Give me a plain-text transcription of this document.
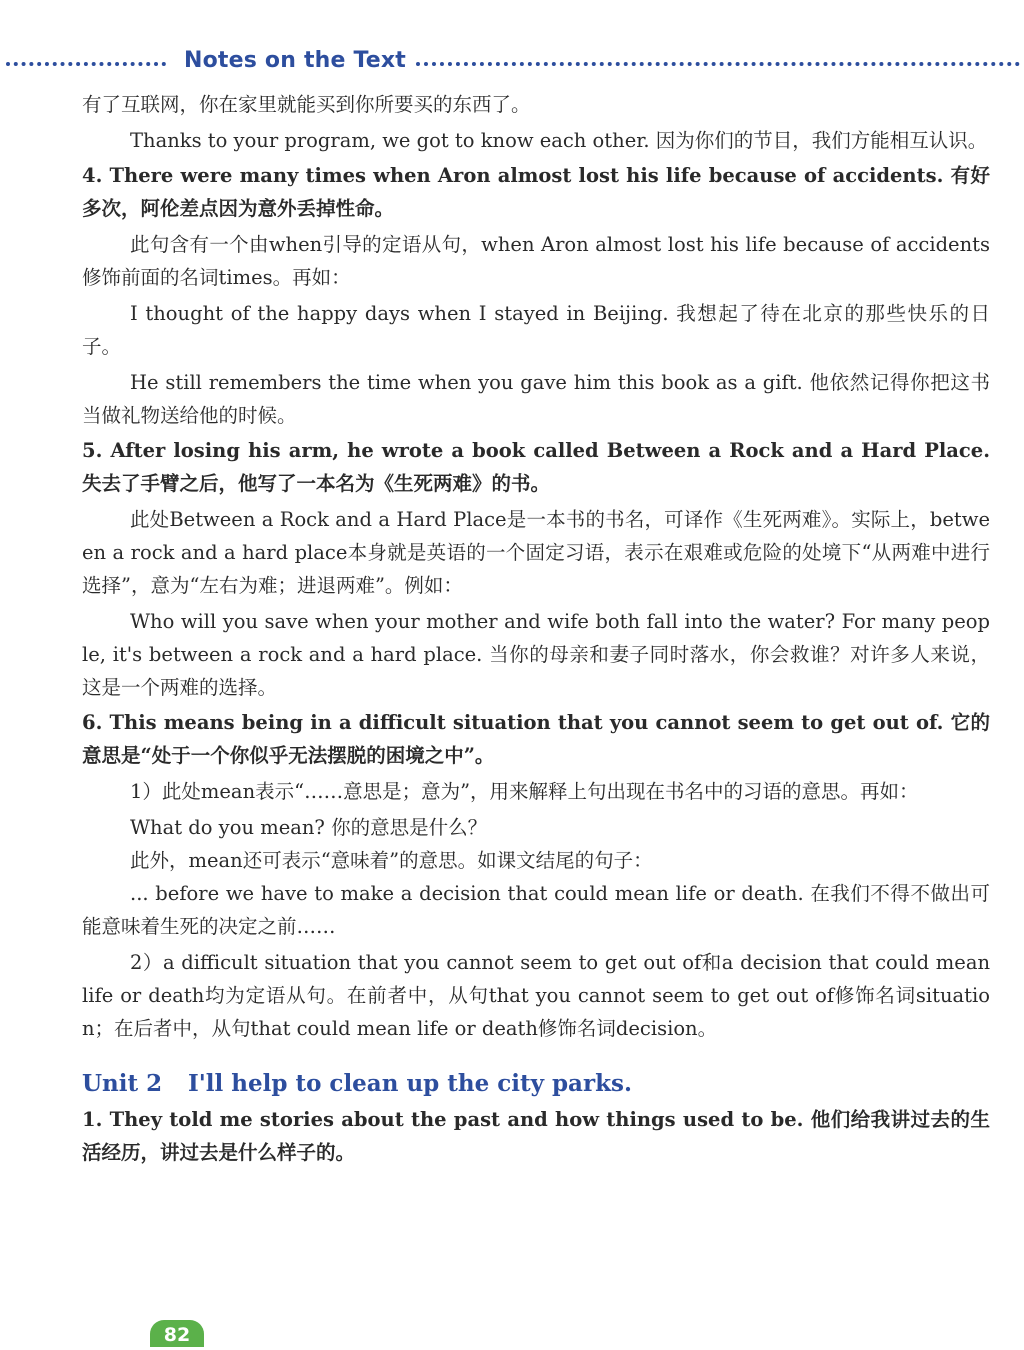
Notes on the Text

有了互联网，你在家里就能买到你所要买的东西了。

Thanks to your program, we got to know each other. 因为你们的节目，我们方能相互认识。

4. There were many times when Aron almost lost his life because of accidents. 有好多次，阿伦差点因为意外丢掉性命。

此句含有一个由when引导的定语从句，when Aron almost lost his life because of accidents修饰前面的名词times。再如：

I thought of the happy days when I stayed in Beijing. 我想起了待在北京的那些快乐的日子。

He still remembers the time when you gave him this book as a gift. 他依然记得你把这书当做礼物送给他的时候。

5. After losing his arm, he wrote a book called Between a Rock and a Hard Place. 失去了手臂之后，他写了一本名为《生死两难》的书。

此处Between a Rock and a Hard Place是一本书的书名，可译作《生死两难》。实际上，between a rock and a hard place本身就是英语的一个固定习语，表示在艰难或危险的处境下“从两难中进行选择”，意为“左右为难；进退两难”。例如：

Who will you save when your mother and wife both fall into the water? For many people, it's between a rock and a hard place. 当你的母亲和妻子同时落水，你会救谁？对许多人来说，这是一个两难的选择。

6. This means being in a difficult situation that you cannot seem to get out of. 它的意思是“处于一个你似乎无法摆脱的困境之中”。

1）此处mean表示“……意思是；意为”，用来解释上句出现在书名中的习语的意思。再如：

What do you mean? 你的意思是什么？

此外，mean还可表示“意味着”的意思。如课文结尾的句子：

... before we have to make a decision that could mean life or death. 在我们不得不做出可能意味着生死的决定之前……

2）a difficult situation that you cannot seem to get out of和a decision that could mean life or death均为定语从句。在前者中，从句that you cannot seem to get out of修饰名词situation；在后者中，从句that could mean life or death修饰名词decision。

Unit 2 I'll help to clean up the city parks.

1. They told me stories about the past and how things used to be. 他们给我讲过去的生活经历，讲过去是什么样子的。

82
